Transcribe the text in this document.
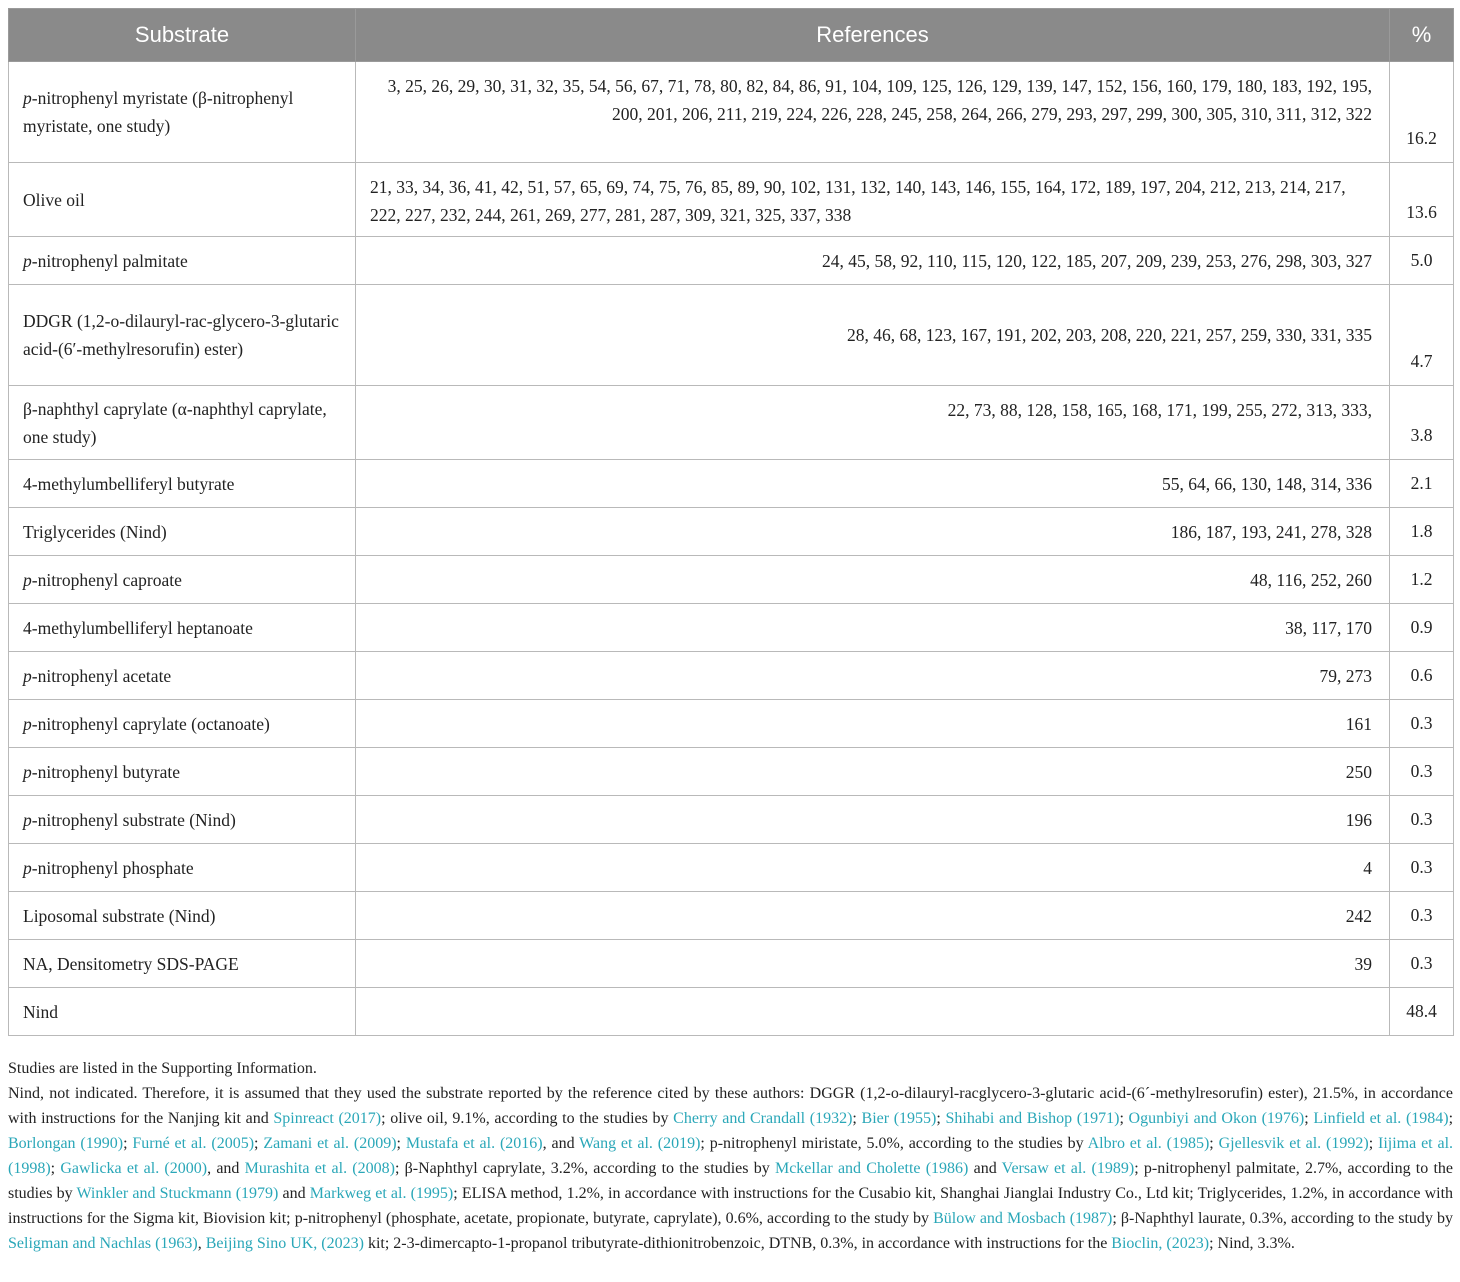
Substrate	References	%
p-nitrophenyl myristate (β-nitrophenyl myristate, one study)	3, 25, 26, 29, 30, 31, 32, 35, 54, 56, 67, 71, 78, 80, 82, 84, 86, 91, 104, 109, 125, 126, 129, 139, 147, 152, 156, 160, 179, 180, 183, 192, 195, 200, 201, 206, 211, 219, 224, 226, 228, 245, 258, 264, 266, 279, 293, 297, 299, 300, 305, 310, 311, 312, 322	16.2
Olive oil	21, 33, 34, 36, 41, 42, 51, 57, 65, 69, 74, 75, 76, 85, 89, 90, 102, 131, 132, 140, 143, 146, 155, 164, 172, 189, 197, 204, 212, 213, 214, 217, 222, 227, 232, 244, 261, 269, 277, 281, 287, 309, 321, 325, 337, 338	13.6
p-nitrophenyl palmitate	24, 45, 58, 92, 110, 115, 120, 122, 185, 207, 209, 239, 253, 276, 298, 303, 327	5.0
DDGR (1,2-o-dilauryl-rac-glycero-3-glutaric acid-(6′-methylresorufin) ester)	28, 46, 68, 123, 167, 191, 202, 203, 208, 220, 221, 257, 259, 330, 331, 335	4.7
β-naphthyl caprylate (α-naphthyl caprylate, one study)	22, 73, 88, 128, 158, 165, 168, 171, 199, 255, 272, 313, 333,	3.8
4-methylumbelliferyl butyrate	55, 64, 66, 130, 148, 314, 336	2.1
Triglycerides (Nind)	186, 187, 193, 241, 278, 328	1.8
p-nitrophenyl caproate	48, 116, 252, 260	1.2
4-methylumbelliferyl heptanoate	38, 117, 170	0.9
p-nitrophenyl acetate	79, 273	0.6
p-nitrophenyl caprylate (octanoate)	161	0.3
p-nitrophenyl butyrate	250	0.3
p-nitrophenyl substrate (Nind)	196	0.3
p-nitrophenyl phosphate	4	0.3
Liposomal substrate (Nind)	242	0.3
NA, Densitometry SDS-PAGE	39	0.3
Nind		48.4

Studies are listed in the Supporting Information.

Nind, not indicated. Therefore, it is assumed that they used the substrate reported by the reference cited by these authors: DGGR (1,2-o-dilauryl-racglycero-3-glutaric acid-(6´-methylresorufin) ester), 21.5%, in accordance with instructions for the Nanjing kit and Spinreact (2017); olive oil, 9.1%, according to the studies by Cherry and Crandall (1932); Bier (1955); Shihabi and Bishop (1971); Ogunbiyi and Okon (1976); Linfield et al. (1984); Borlongan (1990); Furné et al. (2005); Zamani et al. (2009); Mustafa et al. (2016), and Wang et al. (2019); p-nitrophenyl miristate, 5.0%, according to the studies by Albro et al. (1985); Gjellesvik et al. (1992); Iijima et al. (1998); Gawlicka et al. (2000), and Murashita et al. (2008); β-Naphthyl caprylate, 3.2%, according to the studies by Mckellar and Cholette (1986) and Versaw et al. (1989); p-nitrophenyl palmitate, 2.7%, according to the studies by Winkler and Stuckmann (1979) and Markweg et al. (1995); ELISA method, 1.2%, in accordance with instructions for the Cusabio kit, Shanghai Jianglai Industry Co., Ltd kit; Triglycerides, 1.2%, in accordance with instructions for the Sigma kit, Biovision kit; p-nitrophenyl (phosphate, acetate, propionate, butyrate, caprylate), 0.6%, according to the study by Bülow and Mosbach (1987); β-Naphthyl laurate, 0.3%, according to the study by Seligman and Nachlas (1963), Beijing Sino UK, (2023) kit; 2-3-dimercapto-1-propanol tributyrate-dithionitrobenzoic, DTNB, 0.3%, in accordance with instructions for the Bioclin, (2023); Nind, 3.3%.
